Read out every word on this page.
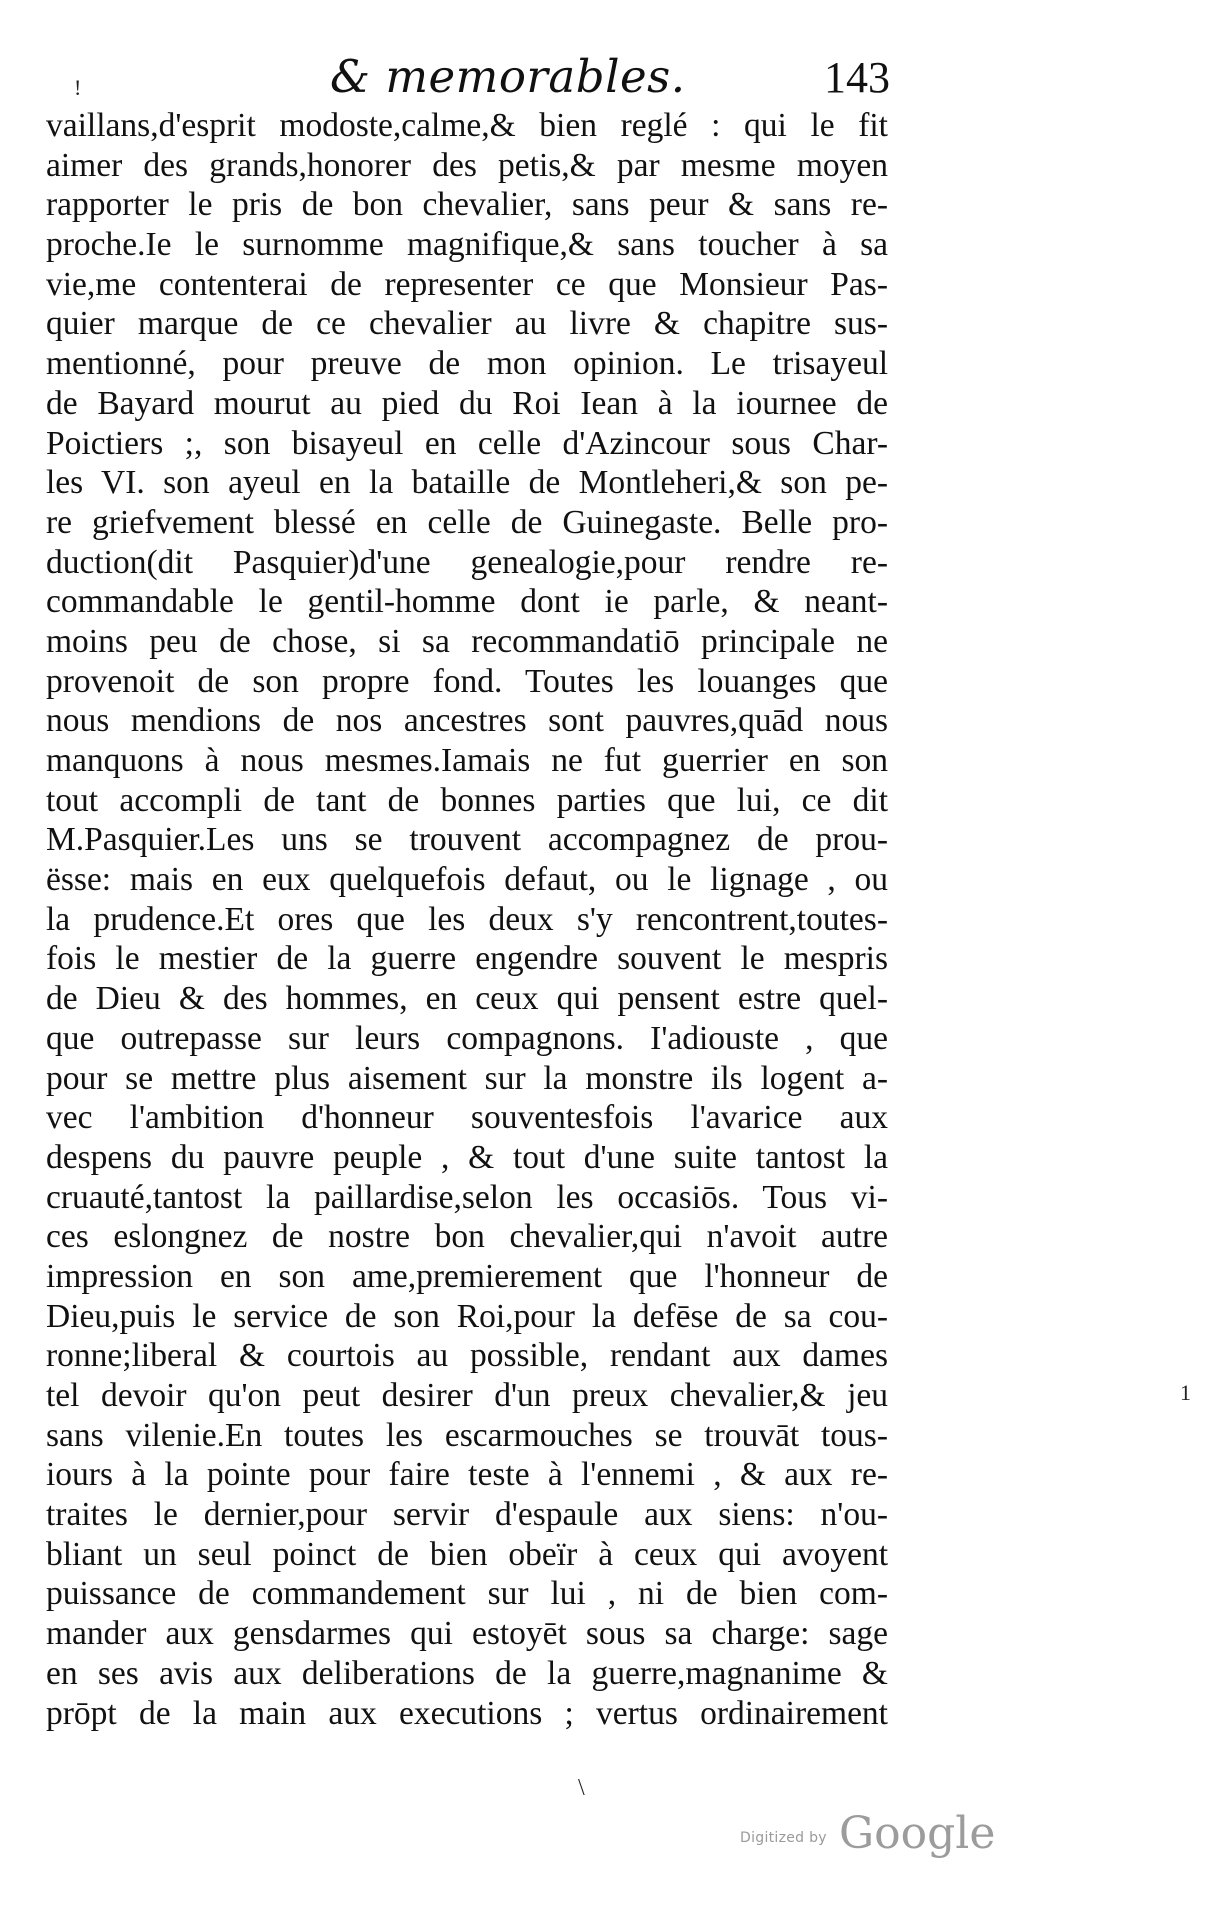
& memorables.	143
!
vaillans,d'esprit modoste,calme,& bien reglé : qui le fit
aimer des grands,honorer des petis,& par mesme moyen
rapporter le pris de bon chevalier, sans peur & sans re-
proche.Ie le surnomme magnifique,& sans toucher à sa
vie,me contenterai de representer ce que Monsieur Pas-
quier marque de ce chevalier au livre & chapitre sus-
mentionné, pour preuve de mon opinion. Le trisayeul
de Bayard mourut au pied du Roi Iean à la iournee de
Poictiers ;, son bisayeul en celle d'Azincour sous Char-
les VI. son ayeul en la bataille de Montleheri,& son pe-
re griefvement blessé en celle de Guinegaste. Belle pro-
duction(dit Pasquier)d'une genealogie,pour rendre re-
commandable le gentil-homme dont ie parle, & neant-
moins peu de chose, si sa recommandatiō principale ne
provenoit de son propre fond. Toutes les louanges que
nous mendions de nos ancestres sont pauvres,quād nous
manquons à nous mesmes.Iamais ne fut guerrier en son
tout accompli de tant de bonnes parties que lui, ce dit
M.Pasquier.Les uns se trouvent accompagnez de prou-
ësse: mais en eux quelquefois defaut, ou le lignage , ou
la prudence.Et ores que les deux s'y rencontrent,toutes-
fois le mestier de la guerre engendre souvent le mespris
de Dieu & des hommes, en ceux qui pensent estre quel-
que outrepasse sur leurs compagnons. I'adiouste , que
pour se mettre plus aisement sur la monstre ils logent a-
vec l'ambition d'honneur souventesfois l'avarice aux
despens du pauvre peuple , & tout d'une suite tantost la
cruauté,tantost la paillardise,selon les occasiōs. Tous vi-
ces eslongnez de nostre bon chevalier,qui n'avoit autre
impression en son ame,premierement que l'honneur de
Dieu,puis le service de son Roi,pour la defēse de sa cou-
ronne;liberal & courtois au possible, rendant aux dames
tel devoir qu'on peut desirer d'un preux chevalier,& jeu
sans vilenie.En toutes les escarmouches se trouvāt tous-
iours à la pointe pour faire teste à l'ennemi , & aux re-
traites le dernier,pour servir d'espaule aux siens: n'ou-
bliant un seul poinct de bien obeïr à ceux qui avoyent
puissance de commandement sur lui , ni de bien com-
mander aux gensdarmes qui estoyēt sous sa charge: sage
en ses avis aux deliberations de la guerre,magnanime &
prōpt de la main aux executions ; vertus ordinairement
1
\
Digitized by Google
